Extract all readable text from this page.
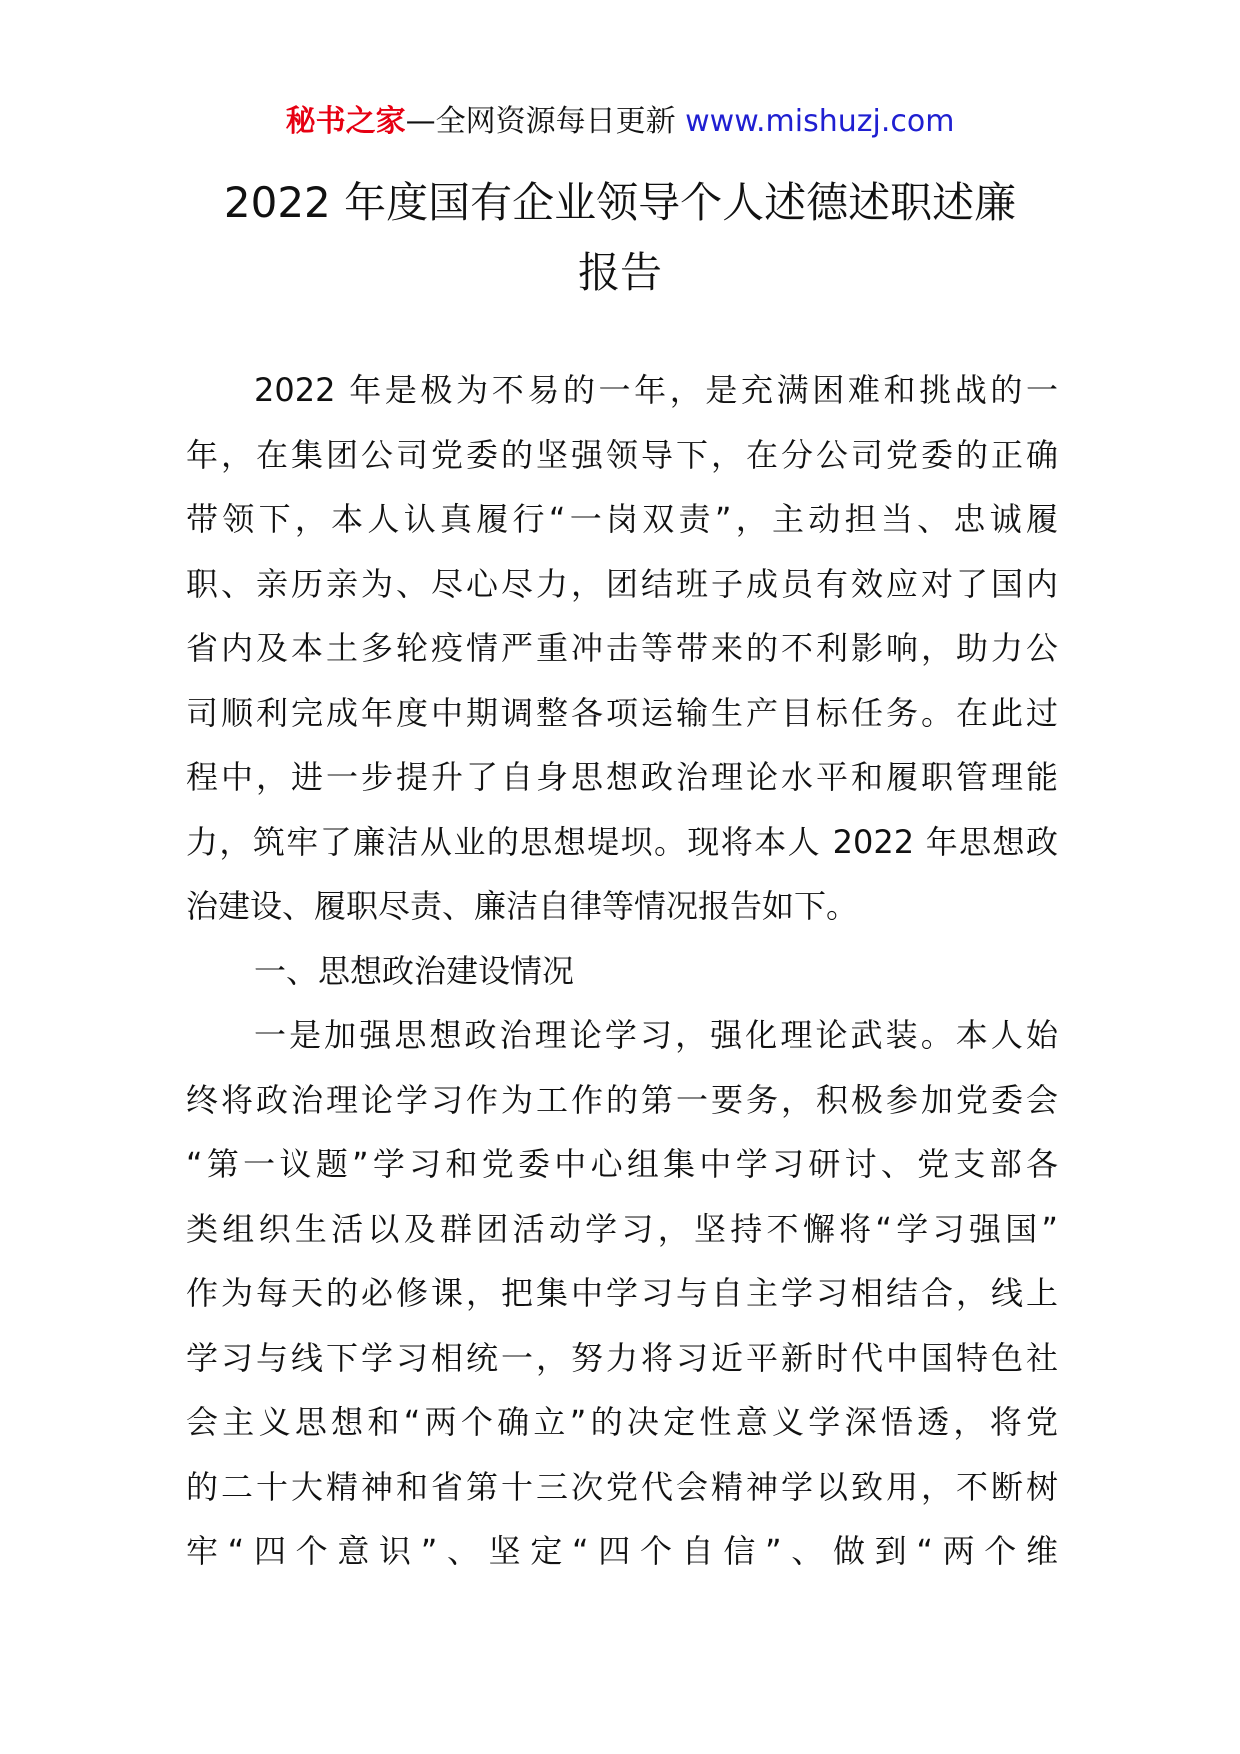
秘书之家—全网资源每日更新 www.mishuzj.com
2022 年度国有企业领导个人述德述职述廉
报告
2022 年是极为不易的一年，是充满困难和挑战的一
年，在集团公司党委的坚强领导下，在分公司党委的正确
带领下，本人认真履行“一岗双责”，主动担当、忠诚履
职、亲历亲为、尽心尽力，团结班子成员有效应对了国内
省内及本土多轮疫情严重冲击等带来的不利影响，助力公
司顺利完成年度中期调整各项运输生产目标任务。在此过
程中，进一步提升了自身思想政治理论水平和履职管理能
力，筑牢了廉洁从业的思想堤坝。现将本人 2022 年思想政
治建设、履职尽责、廉洁自律等情况报告如下。
一、思想政治建设情况
一是加强思想政治理论学习，强化理论武装。本人始
终将政治理论学习作为工作的第一要务，积极参加党委会
“第一议题”学习和党委中心组集中学习研讨、党支部各
类组织生活以及群团活动学习，坚持不懈将“学习强国”
作为每天的必修课，把集中学习与自主学习相结合，线上
学习与线下学习相统一，努力将习近平新时代中国特色社
会主义思想和“两个确立”的决定性意义学深悟透，将党
的二十大精神和省第十三次党代会精神学以致用，不断树
牢“四个意识”、坚定“四个自信”、做到“两个维
